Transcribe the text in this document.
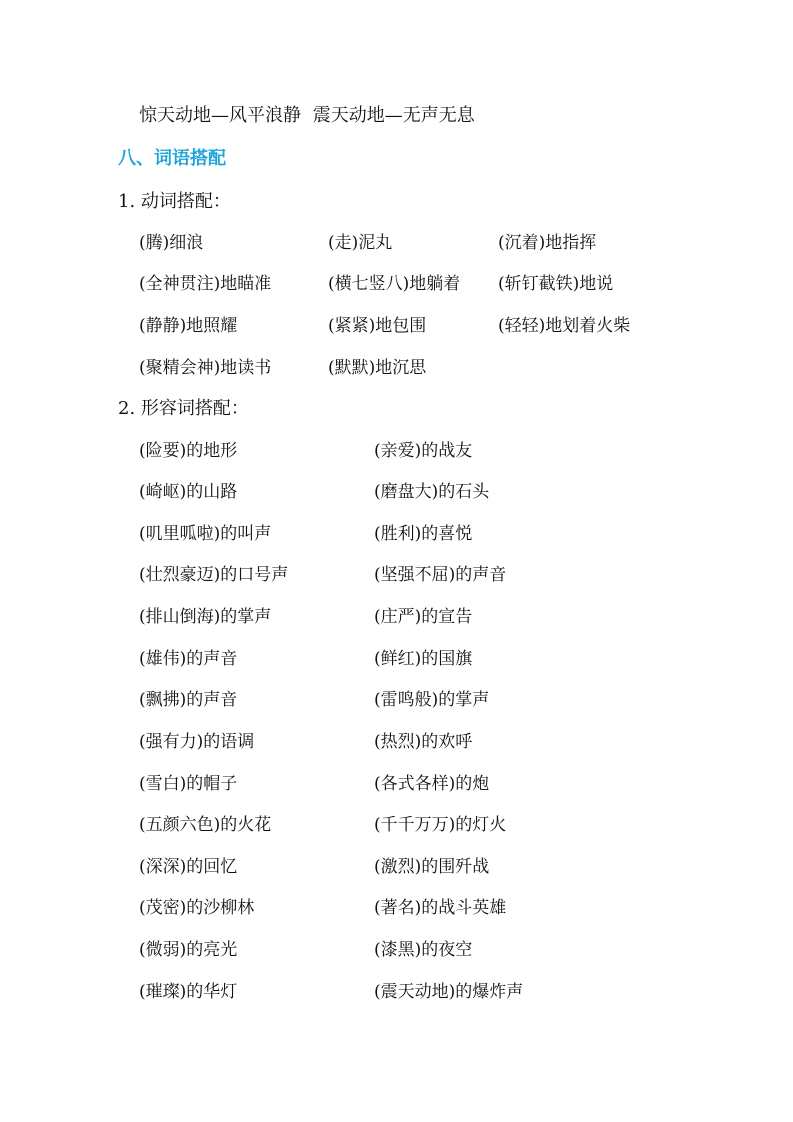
惊天动地—风平浪静 震天动地—无声无息
八、词语搭配
1. 动词搭配：
(腾)细浪	(走)泥丸	(沉着)地指挥
(全神贯注)地瞄准	(横七竖八)地躺着 (斩钉截铁)地说
(静静)地照耀	(紧紧)地包围	(轻轻)地划着火柴
(聚精会神)地读书	(默默)地沉思
2. 形容词搭配：
(险要)的地形	(亲爱)的战友
(崎岖)的山路	(磨盘大)的石头
(叽里呱啦)的叫声	(胜利)的喜悦
(壮烈豪迈)的口号声	(坚强不屈)的声音
(排山倒海)的掌声	(庄严)的宣告
(雄伟)的声音	(鲜红)的国旗
(飘拂)的声音	(雷鸣般)的掌声
(强有力)的语调	(热烈)的欢呼
(雪白)的帽子	(各式各样)的炮
(五颜六色)的火花	(千千万万)的灯火
(深深)的回忆	(激烈)的围歼战
(茂密)的沙柳林	(著名)的战斗英雄
(微弱)的亮光	(漆黑)的夜空
(璀璨)的华灯	(震天动地)的爆炸声
